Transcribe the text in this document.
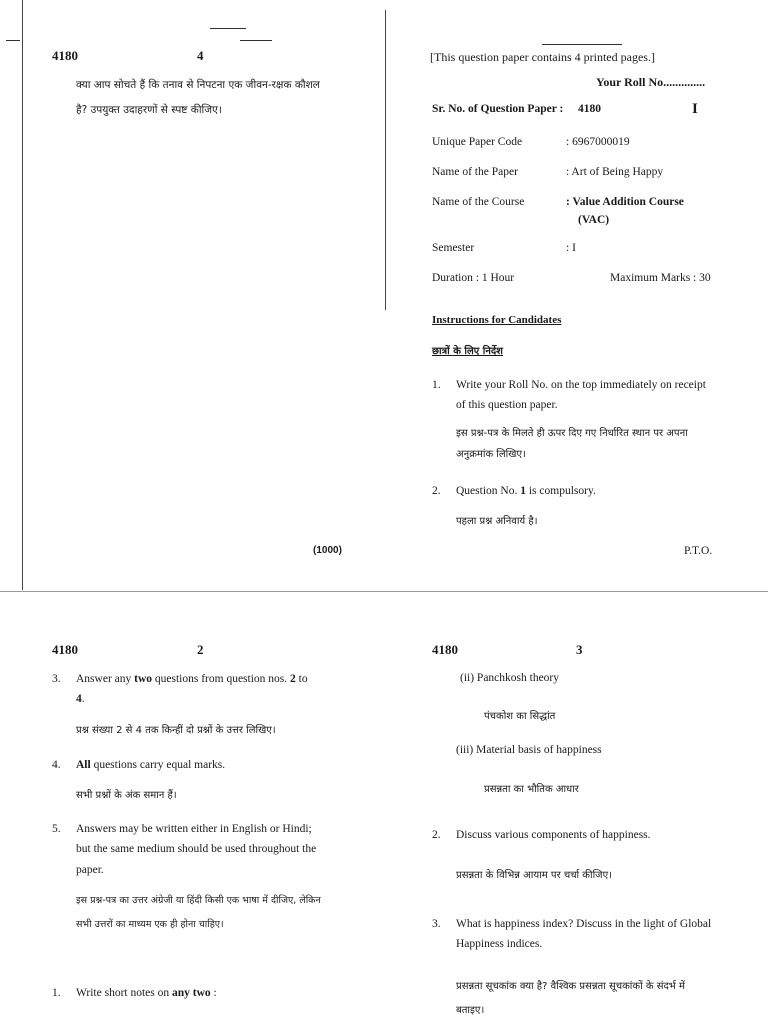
4180	4
क्या आप सोचते हैं कि तनाव से निपटना एक जीवन-रक्षक कौशल
है? उपयुक्त उदाहरणों से स्पष्ट कीजिए।
(1000)
[This question paper contains 4 printed pages.]
Your Roll No..............
Sr. No. of Question Paper : 4180	I
Unique Paper Code	: 6967000019
Name of the Paper	: Art of Being Happy
Name of the Course	: Value Addition Course
(VAC)
Semester	: I
Duration : 1 Hour	Maximum Marks : 30
Instructions for Candidates
छात्रों के लिए निर्देश
1. Write your Roll No. on the top immediately on receipt
of this question paper.
इस प्रश्न-पत्र के मिलते ही ऊपर दिए गए निर्धारित स्थान पर अपना
अनुक्रमांक लिखिए।
2. Question No. 1 is compulsory.
पहला प्रश्न अनिवार्य है।
P.T.O.
4180	2
3. Answer any two questions from question nos. 2 to
4.
प्रश्न संख्या 2 से 4 तक किन्हीं दो प्रश्नों के उत्तर लिखिए।
4. All questions carry equal marks.
सभी प्रश्नों के अंक समान हैं।
5. Answers may be written either in English or Hindi;
but the same medium should be used throughout the
paper.
इस प्रश्न-पत्र का उत्तर अंग्रेजी या हिंदी किसी एक भाषा में दीजिए, लेकिन
सभी उत्तरों का माध्यम एक ही होना चाहिए।
1. Write short notes on any two :
4180	3
(ii) Panchkosh theory
पंचकोश का सिद्धांत
(iii) Material basis of happiness
प्रसन्नता का भौतिक आधार
2. Discuss various components of happiness.
प्रसन्नता के विभिन्न आयाम पर चर्चा कीजिए।
3. What is happiness index? Discuss in the light of Global
Happiness indices.
प्रसन्नता सूचकांक क्या है? वैश्विक प्रसन्नता सूचकांकों के संदर्भ में
बताइए।
